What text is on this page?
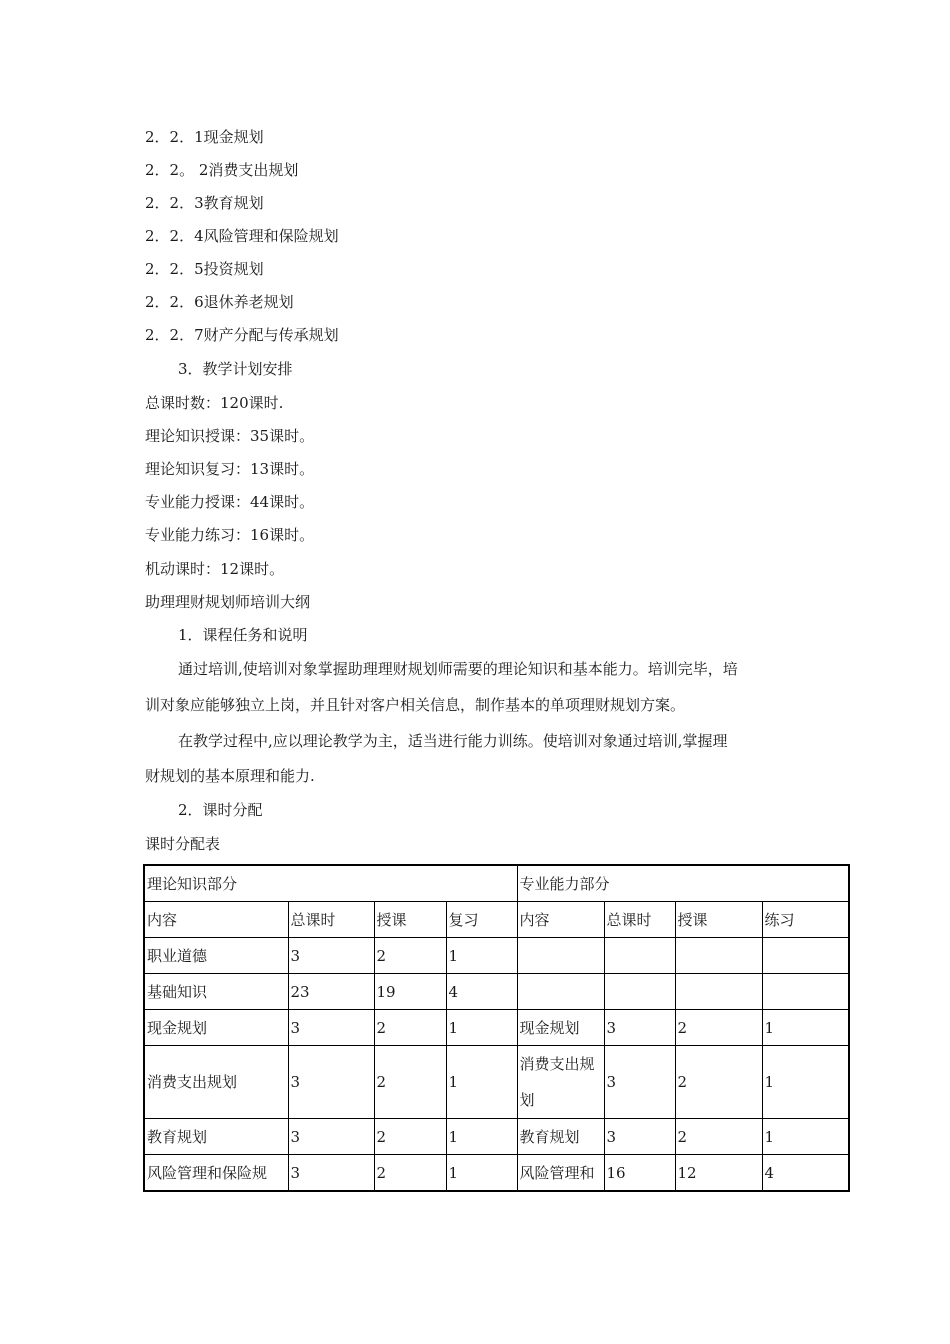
2．2．1现金规划
2．2。 2消费支出规划
2．2．3教育规划
2．2．4风险管理和保险规划
2．2．5投资规划
2．2．6退休养老规划
2．2．7财产分配与传承规划
3．教学计划安排
总课时数：120课时.
理论知识授课：35课时。
理论知识复习：13课时。
专业能力授课：44课时。
专业能力练习：16课时。
机动课时：12课时。
助理理财规划师培训大纲
1．课程任务和说明
通过培训,使培训对象掌握助理理财规划师需要的理论知识和基本能力。培训完毕，培
训对象应能够独立上岗，并且针对客户相关信息，制作基本的单项理财规划方案。
在教学过程中,应以理论教学为主，适当进行能力训练。使培训对象通过培训,掌握理
财规划的基本原理和能力.
2．课时分配
课时分配表
理论知识部分				专业能力部分			
内容	总课时	授课	复习	内容	总课时	授课	练习
职业道德	3	2	1				
基础知识	23	19	4				
现金规划	3	2	1	现金规划	3	2	1
消费支出规划	3	2	1	消费支出规划	3	2	1
教育规划	3	2	1	教育规划	3	2	1
风险管理和保险规	3	2	1	风险管理和	16	12	4
